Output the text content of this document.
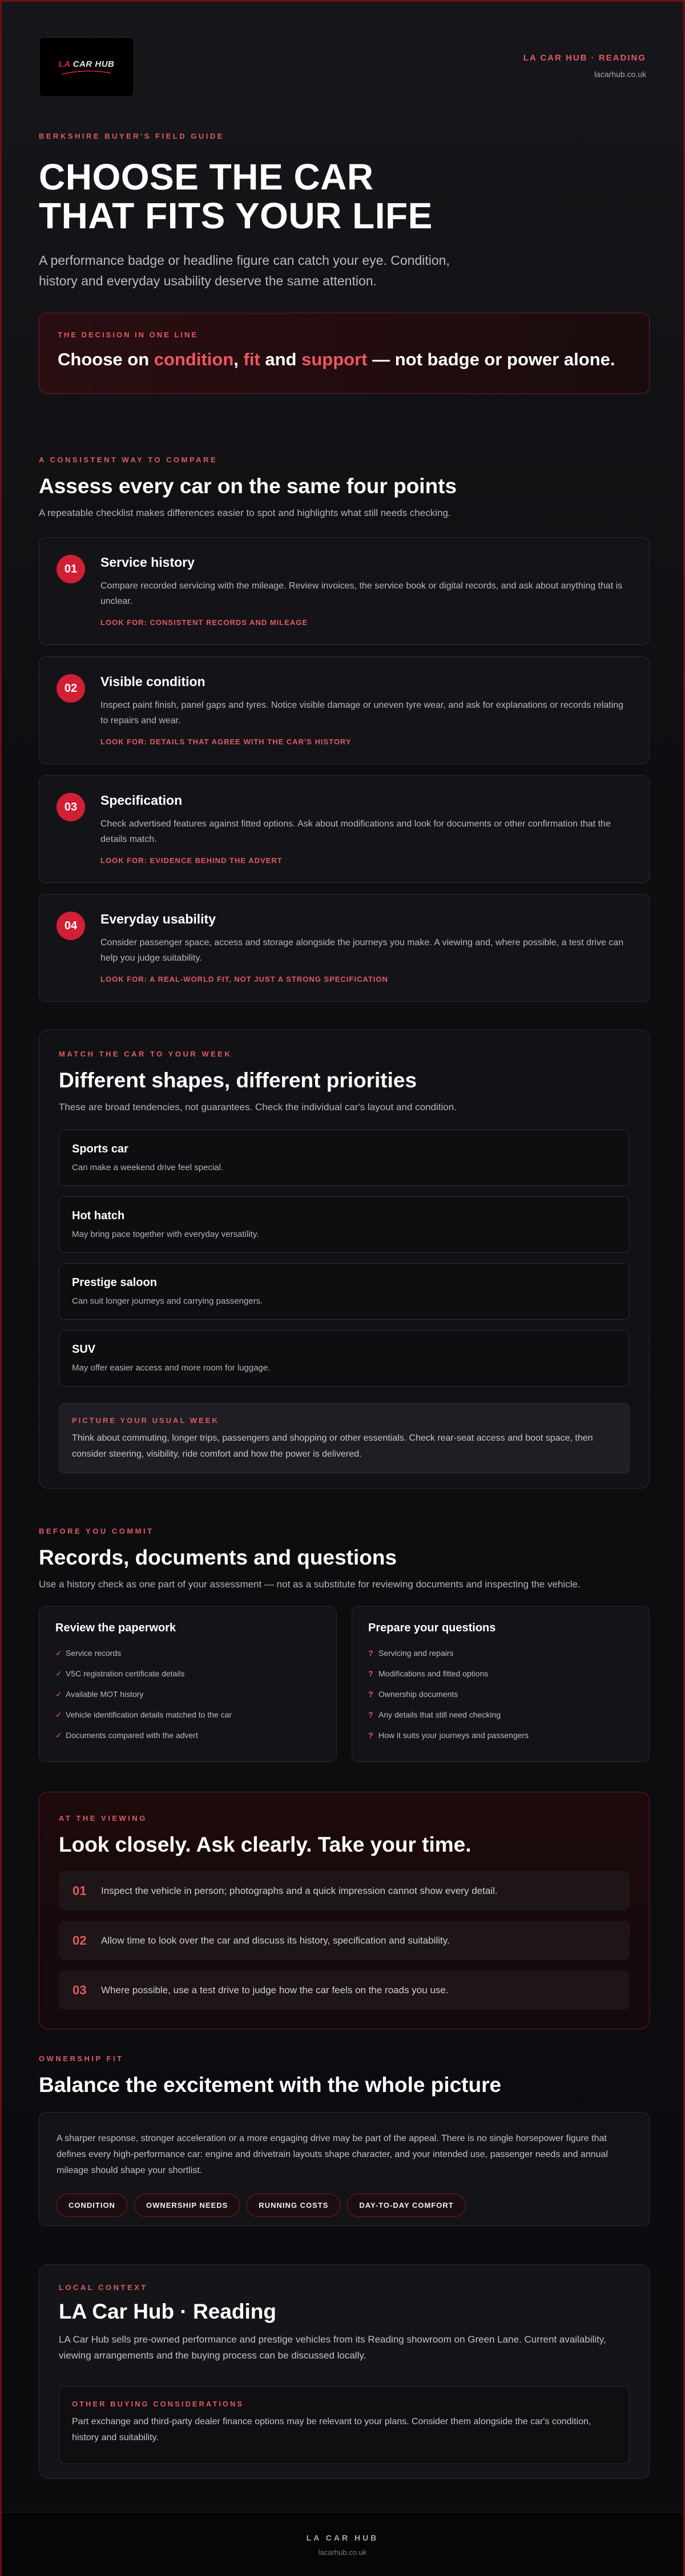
LA CAR HUB
LA CAR HUB · READING
lacarhub.co.uk
BERKSHIRE BUYER'S FIELD GUIDE
CHOOSE THE CAR
THAT FITS YOUR LIFE
A performance badge or headline figure can catch your eye. Condition,
history and everyday usability deserve the same attention.
THE DECISION IN ONE LINE
Choose on condition, fit and support — not badge or power alone.
A CONSISTENT WAY TO COMPARE
Assess every car on the same four points
A repeatable checklist makes differences easier to spot and highlights what still needs checking.
01	Service history
Compare recorded servicing with the mileage. Review invoices, the service book or digital records, and ask about anything that is unclear.
LOOK FOR: CONSISTENT RECORDS AND MILEAGE
02	Visible condition
Inspect paint finish, panel gaps and tyres. Notice visible damage or uneven tyre wear, and ask for explanations or records relating to repairs and wear.
LOOK FOR: DETAILS THAT AGREE WITH THE CAR'S HISTORY
03	Specification
Check advertised features against fitted options. Ask about modifications and look for documents or other confirmation that the details match.
LOOK FOR: EVIDENCE BEHIND THE ADVERT
04	Everyday usability
Consider passenger space, access and storage alongside the journeys you make. A viewing and, where possible, a test drive can help you judge suitability.
LOOK FOR: A REAL-WORLD FIT, NOT JUST A STRONG SPECIFICATION
MATCH THE CAR TO YOUR WEEK
Different shapes, different priorities
These are broad tendencies, not guarantees. Check the individual car's layout and condition.
Sports car
Can make a weekend drive feel special.
Hot hatch
May bring pace together with everyday versatility.
Prestige saloon
Can suit longer journeys and carrying passengers.
SUV
May offer easier access and more room for luggage.
PICTURE YOUR USUAL WEEK
Think about commuting, longer trips, passengers and shopping or other essentials. Check rear-seat access and boot space, then consider steering, visibility, ride comfort and how the power is delivered.
BEFORE YOU COMMIT
Records, documents and questions
Use a history check as one part of your assessment — not as a substitute for reviewing documents and inspecting the vehicle.
Review the paperwork
✓ Service records
✓ V5C registration certificate details
✓ Available MOT history
✓ Vehicle identification details matched to the car
✓ Documents compared with the advert
Prepare your questions
? Servicing and repairs
? Modifications and fitted options
? Ownership documents
? Any details that still need checking
? How it suits your journeys and passengers
AT THE VIEWING
Look closely. Ask clearly. Take your time.
01	Inspect the vehicle in person; photographs and a quick impression cannot show every detail.
02	Allow time to look over the car and discuss its history, specification and suitability.
03	Where possible, use a test drive to judge how the car feels on the roads you use.
OWNERSHIP FIT
Balance the excitement with the whole picture
A sharper response, stronger acceleration or a more engaging drive may be part of the appeal. There is no single horsepower figure that defines every high-performance car: engine and drivetrain layouts shape character, and your intended use, passenger needs and annual mileage should shape your shortlist.
CONDITION	OWNERSHIP NEEDS	RUNNING COSTS	DAY-TO-DAY COMFORT
LOCAL CONTEXT
LA Car Hub · Reading
LA Car Hub sells pre-owned performance and prestige vehicles from its Reading showroom on Green Lane. Current availability, viewing arrangements and the buying process can be discussed locally.
OTHER BUYING CONSIDERATIONS
Part exchange and third-party dealer finance options may be relevant to your plans. Consider them alongside the car's condition, history and suitability.
LA CAR HUB
lacarhub.co.uk
